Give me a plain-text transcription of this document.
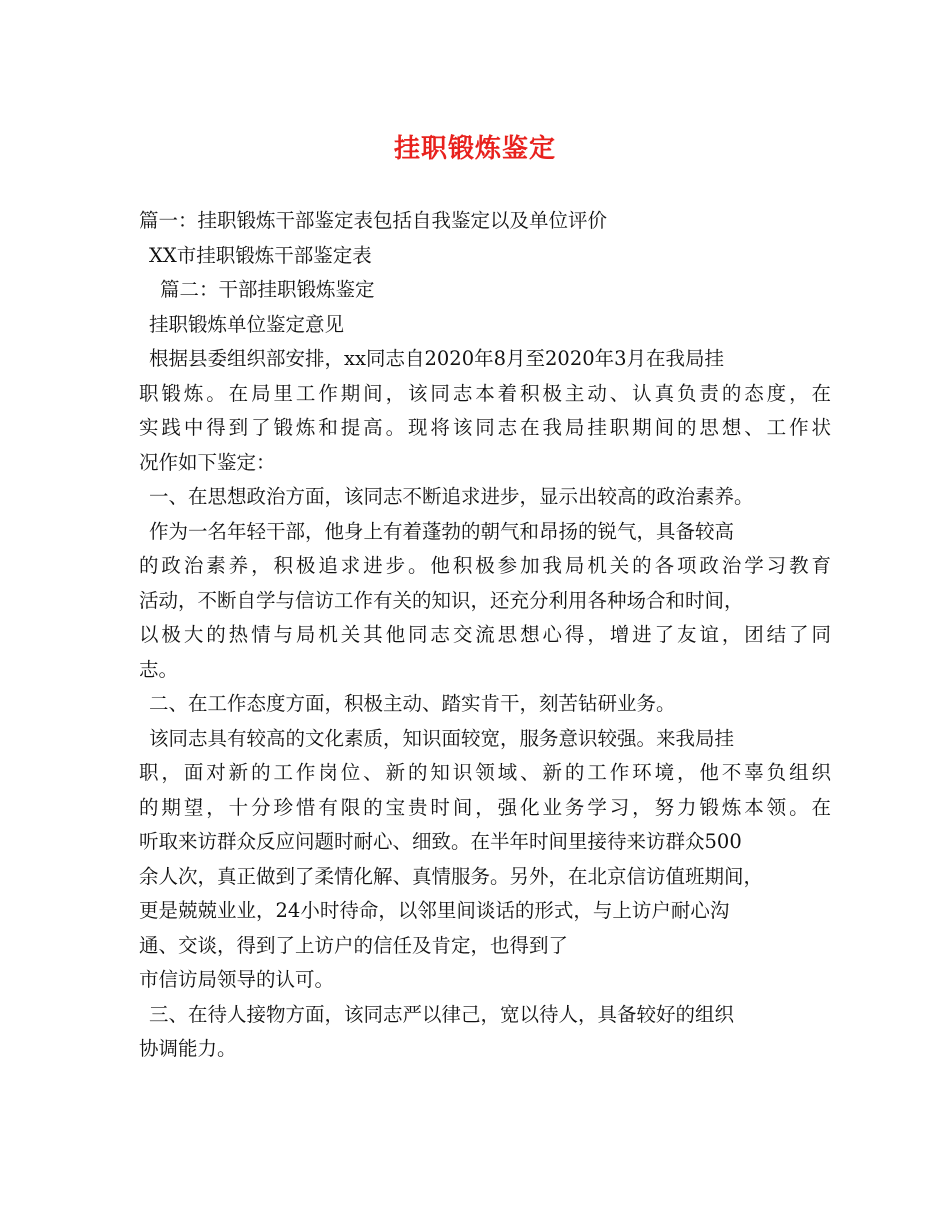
挂职锻炼鉴定
篇一：挂职锻炼干部鉴定表包括自我鉴定以及单位评价
XX市挂职锻炼干部鉴定表
篇二：干部挂职锻炼鉴定
挂职锻炼单位鉴定意见
根据县委组织部安排，xx同志自2020年8月至2020年3月在我局挂
职锻炼。在局里工作期间，该同志本着积极主动、认真负责的态度，在
实践中得到了锻炼和提高。现将该同志在我局挂职期间的思想、工作状
况作如下鉴定：
一、在思想政治方面，该同志不断追求进步，显示出较高的政治素养。
作为一名年轻干部，他身上有着蓬勃的朝气和昂扬的锐气，具备较高
的政治素养，积极追求进步。他积极参加我局机关的各项政治学习教育
活动，不断自学与信访工作有关的知识，还充分利用各种场合和时间，
以极大的热情与局机关其他同志交流思想心得，增进了友谊，团结了同
志。
二、在工作态度方面，积极主动、踏实肯干，刻苦钻研业务。
该同志具有较高的文化素质，知识面较宽，服务意识较强。来我局挂
职，面对新的工作岗位、新的知识领域、新的工作环境，他不辜负组织
的期望，十分珍惜有限的宝贵时间，强化业务学习，努力锻炼本领。在
听取来访群众反应问题时耐心、细致。在半年时间里接待来访群众500
余人次，真正做到了柔情化解、真情服务。另外，在北京信访值班期间，
更是兢兢业业，24小时待命，以邻里间谈话的形式，与上访户耐心沟
通、交谈，得到了上访户的信任及肯定，也得到了
市信访局领导的认可。
三、在待人接物方面，该同志严以律己，宽以待人，具备较好的组织
协调能力。
